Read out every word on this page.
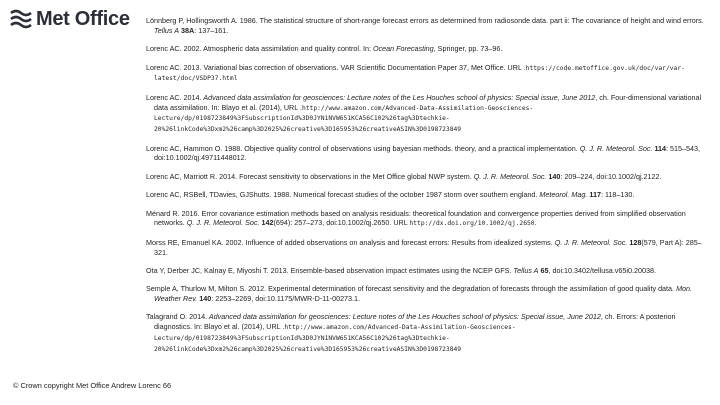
Met Office Lönnberg P, Hollingsworth A. 1986. The statistical structure of short-range forecast errors as determined from radiosonde data. part ii: The covariance of height and wind errors. Tellus A 38A: 137–161.
Lorenc AC. 2002. Atmospheric data assimilation and quality control. In: Ocean Forecasting, Springer, pp. 73–96.
Lorenc AC. 2013. Variational bias correction of observations. VAR Scientific Documentation Paper 37, Met Office. URL .https://code.metoffice.gov.uk/doc/var/var-latest/doc/VSDP37.html
Lorenc AC. 2014. Advanced data assimilation for geosciences: Lecture notes of the Les Houches school of physics: Special issue, June 2012, ch. Four-dimensional variational data assimilation. In: Blayo et al. (2014), URL .http://www.amazon.com/Advanced-Data-Assimilation-Geosciences-Lecture/dp/0198723849%3FSubscriptionId%3D0JYN1NVW651KCA56C102%26tag%3Dtechkie-20%26linkCode%3Dxm2%26camp%3D2025%26creative%3D165953%26creativeASIN%3D0198723849
Lorenc AC, Hammon O. 1988. Objective quality control of observations using bayesian methods. theory, and a practical implementation. Q. J. R. Meteorol. Soc. 114: 515–543, doi:10.1002/qj.49711448012.
Lorenc AC, Marriott R. 2014. Forecast sensitivity to observations in the Met Office global NWP system. Q. J. R. Meteorol. Soc. 140: 209–224, doi:10.1002/qj.2122.
Lorenc AC, RSBell, TDavies, GJShutts. 1988. Numerical forecast studies of the october 1987 storm over southern england. Meteorol. Mag. 117: 118–130.
Ménard R. 2016. Error covariance estimation methods based on analysis residuals: theoretical foundation and convergence properties derived from simplified observation networks. Q. J. R. Meteorol. Soc. 142(694): 257–273, doi:10.1002/qj.2650. URL http://dx.doi.org/10.1002/qj.2650.
Morss RE, Emanuel KA. 2002. Influence of added observations on analysis and forecast errors: Results from idealized systems. Q. J. R. Meteorol. Soc. 128(579, Part A): 285–321.
Ota Y, Derber JC, Kalnay E, Miyoshi T. 2013. Ensemble-based observation impact estimates using the NCEP GFS. Tellus A 65, doi:10.3402/tellusa.v65i0.20038.
Semple A, Thurlow M, Milton S. 2012. Experimental determination of forecast sensitivity and the degradation of forecasts through the assimilation of good quality data. Mon. Weather Rev. 140: 2253–2269, doi:10.1175/MWR-D-11-00273.1.
Talagrand O. 2014. Advanced data assimilation for geosciences: Lecture notes of the Les Houches school of physics: Special issue, June 2012, ch. Errors: A posteriori diagnostics. In: Blayo et al. (2014), URL .http://www.amazon.com/Advanced-Data-Assimilation-Geosciences-Lecture/dp/0198723849%3FSubscriptionId%3D0JYN1NVW651KCA56C102%26tag%3Dtechkie-20%26linkCode%3Dxm2%26camp%3D2025%26creative%3D165953%26creativeASIN%3D0198723849
© Crown copyright Met Office Andrew Lorenc 66
